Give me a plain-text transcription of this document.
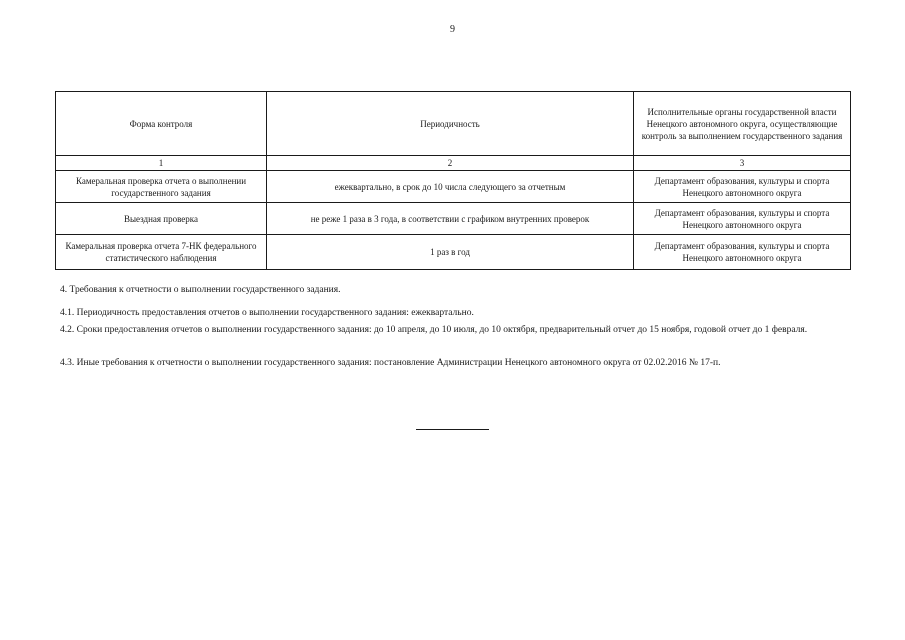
9
Форма контроля	Периодичность	Исполнительные органы государственной власти Ненецкого автономного округа, осуществляющие контроль за выполнением государственного задания
1	2	3
Камеральная проверка отчета о выполнении государственного задания	ежеквартально, в срок до 10 числа следующего за отчетным	Департамент образования, культуры и спорта Ненецкого автономного округа
Выездная проверка	не реже 1 раза в 3 года, в соответствии с графиком внутренних проверок	Департамент образования, культуры и спорта Ненецкого автономного округа
Камеральная проверка отчета 7-НК федерального статистического наблюдения	1 раз в год	Департамент образования, культуры и спорта Ненецкого автономного округа
4. Требования к отчетности о выполнении государственного задания.
4.1. Периодичность предоставления отчетов о выполнении государственного задания: ежеквартально.
4.2. Сроки предоставления отчетов о выполнении государственного задания: до 10 апреля, до 10 июля, до 10 октября, предварительный отчет до 15 ноября, годовой отчет до 1 февраля.
4.3. Иные требования к отчетности о выполнении государственного задания: постановление Администрации Ненецкого автономного округа от 02.02.2016 № 17-п.
